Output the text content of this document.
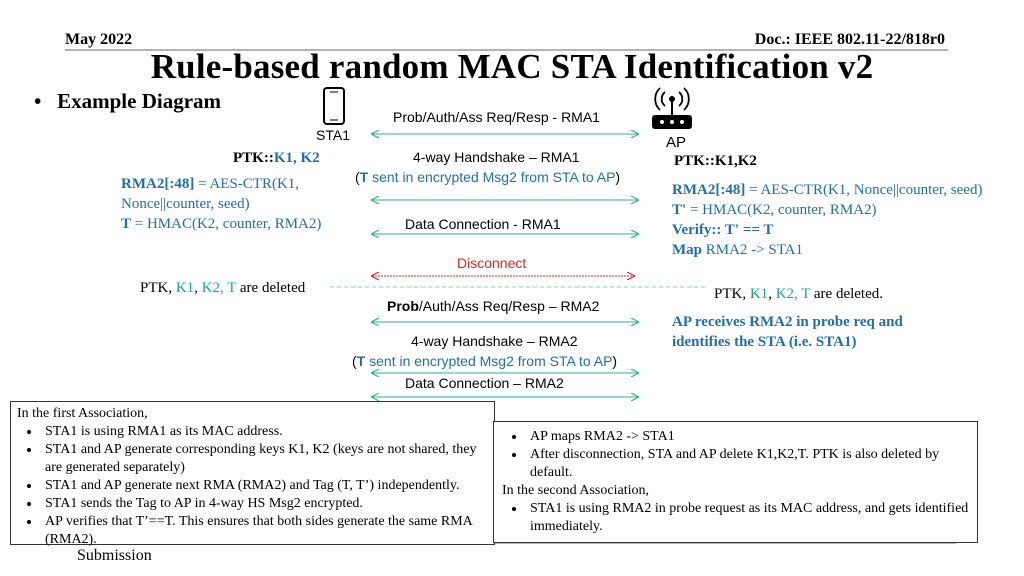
May 2022	Doc.: IEEE 802.11-22/818r0
Rule-based random MAC STA Identification v2
•   Example Diagram
STA1	AP
Prob/Auth/Ass Req/Resp - RMA1
4-way Handshake – RMA1
(T sent in encrypted Msg2 from STA to AP)
Data Connection - RMA1
Disconnect
Prob/Auth/Ass Req/Resp – RMA2
4-way Handshake – RMA2
(T sent in encrypted Msg2 from STA to AP)
Data Connection – RMA2
PTK::K1, K2
RMA2[:48] = AES-CTR(K1, Nonce||counter, seed)
T = HMAC(K2, counter, RMA2)
PTK, K1, K2, T are deleted
PTK::K1,K2
RMA2[:48] = AES-CTR(K1, Nonce||counter, seed)
T' = HMAC(K2, counter, RMA2)
Verify:: T' == T
Map RMA2 -> STA1
PTK, K1, K2, T are deleted.
AP receives RMA2 in probe req and identifies the STA (i.e. STA1)
In the first Association,
• STA1 is using RMA1 as its MAC address.
• STA1 and AP generate corresponding keys K1, K2 (keys are not shared, they are generated separately)
• STA1 and AP generate next RMA (RMA2) and Tag (T, T’) independently.
• STA1 sends the Tag to AP in 4-way HS Msg2 encrypted.
• AP verifies that T’==T. This ensures that both sides generate the same RMA (RMA2).
• AP maps RMA2 -> STA1
• After disconnection, STA and AP delete K1,K2,T. PTK is also deleted by default.
In the second Association,
• STA1 is using RMA2 in probe request as its MAC address, and gets identified immediately.
Submission
